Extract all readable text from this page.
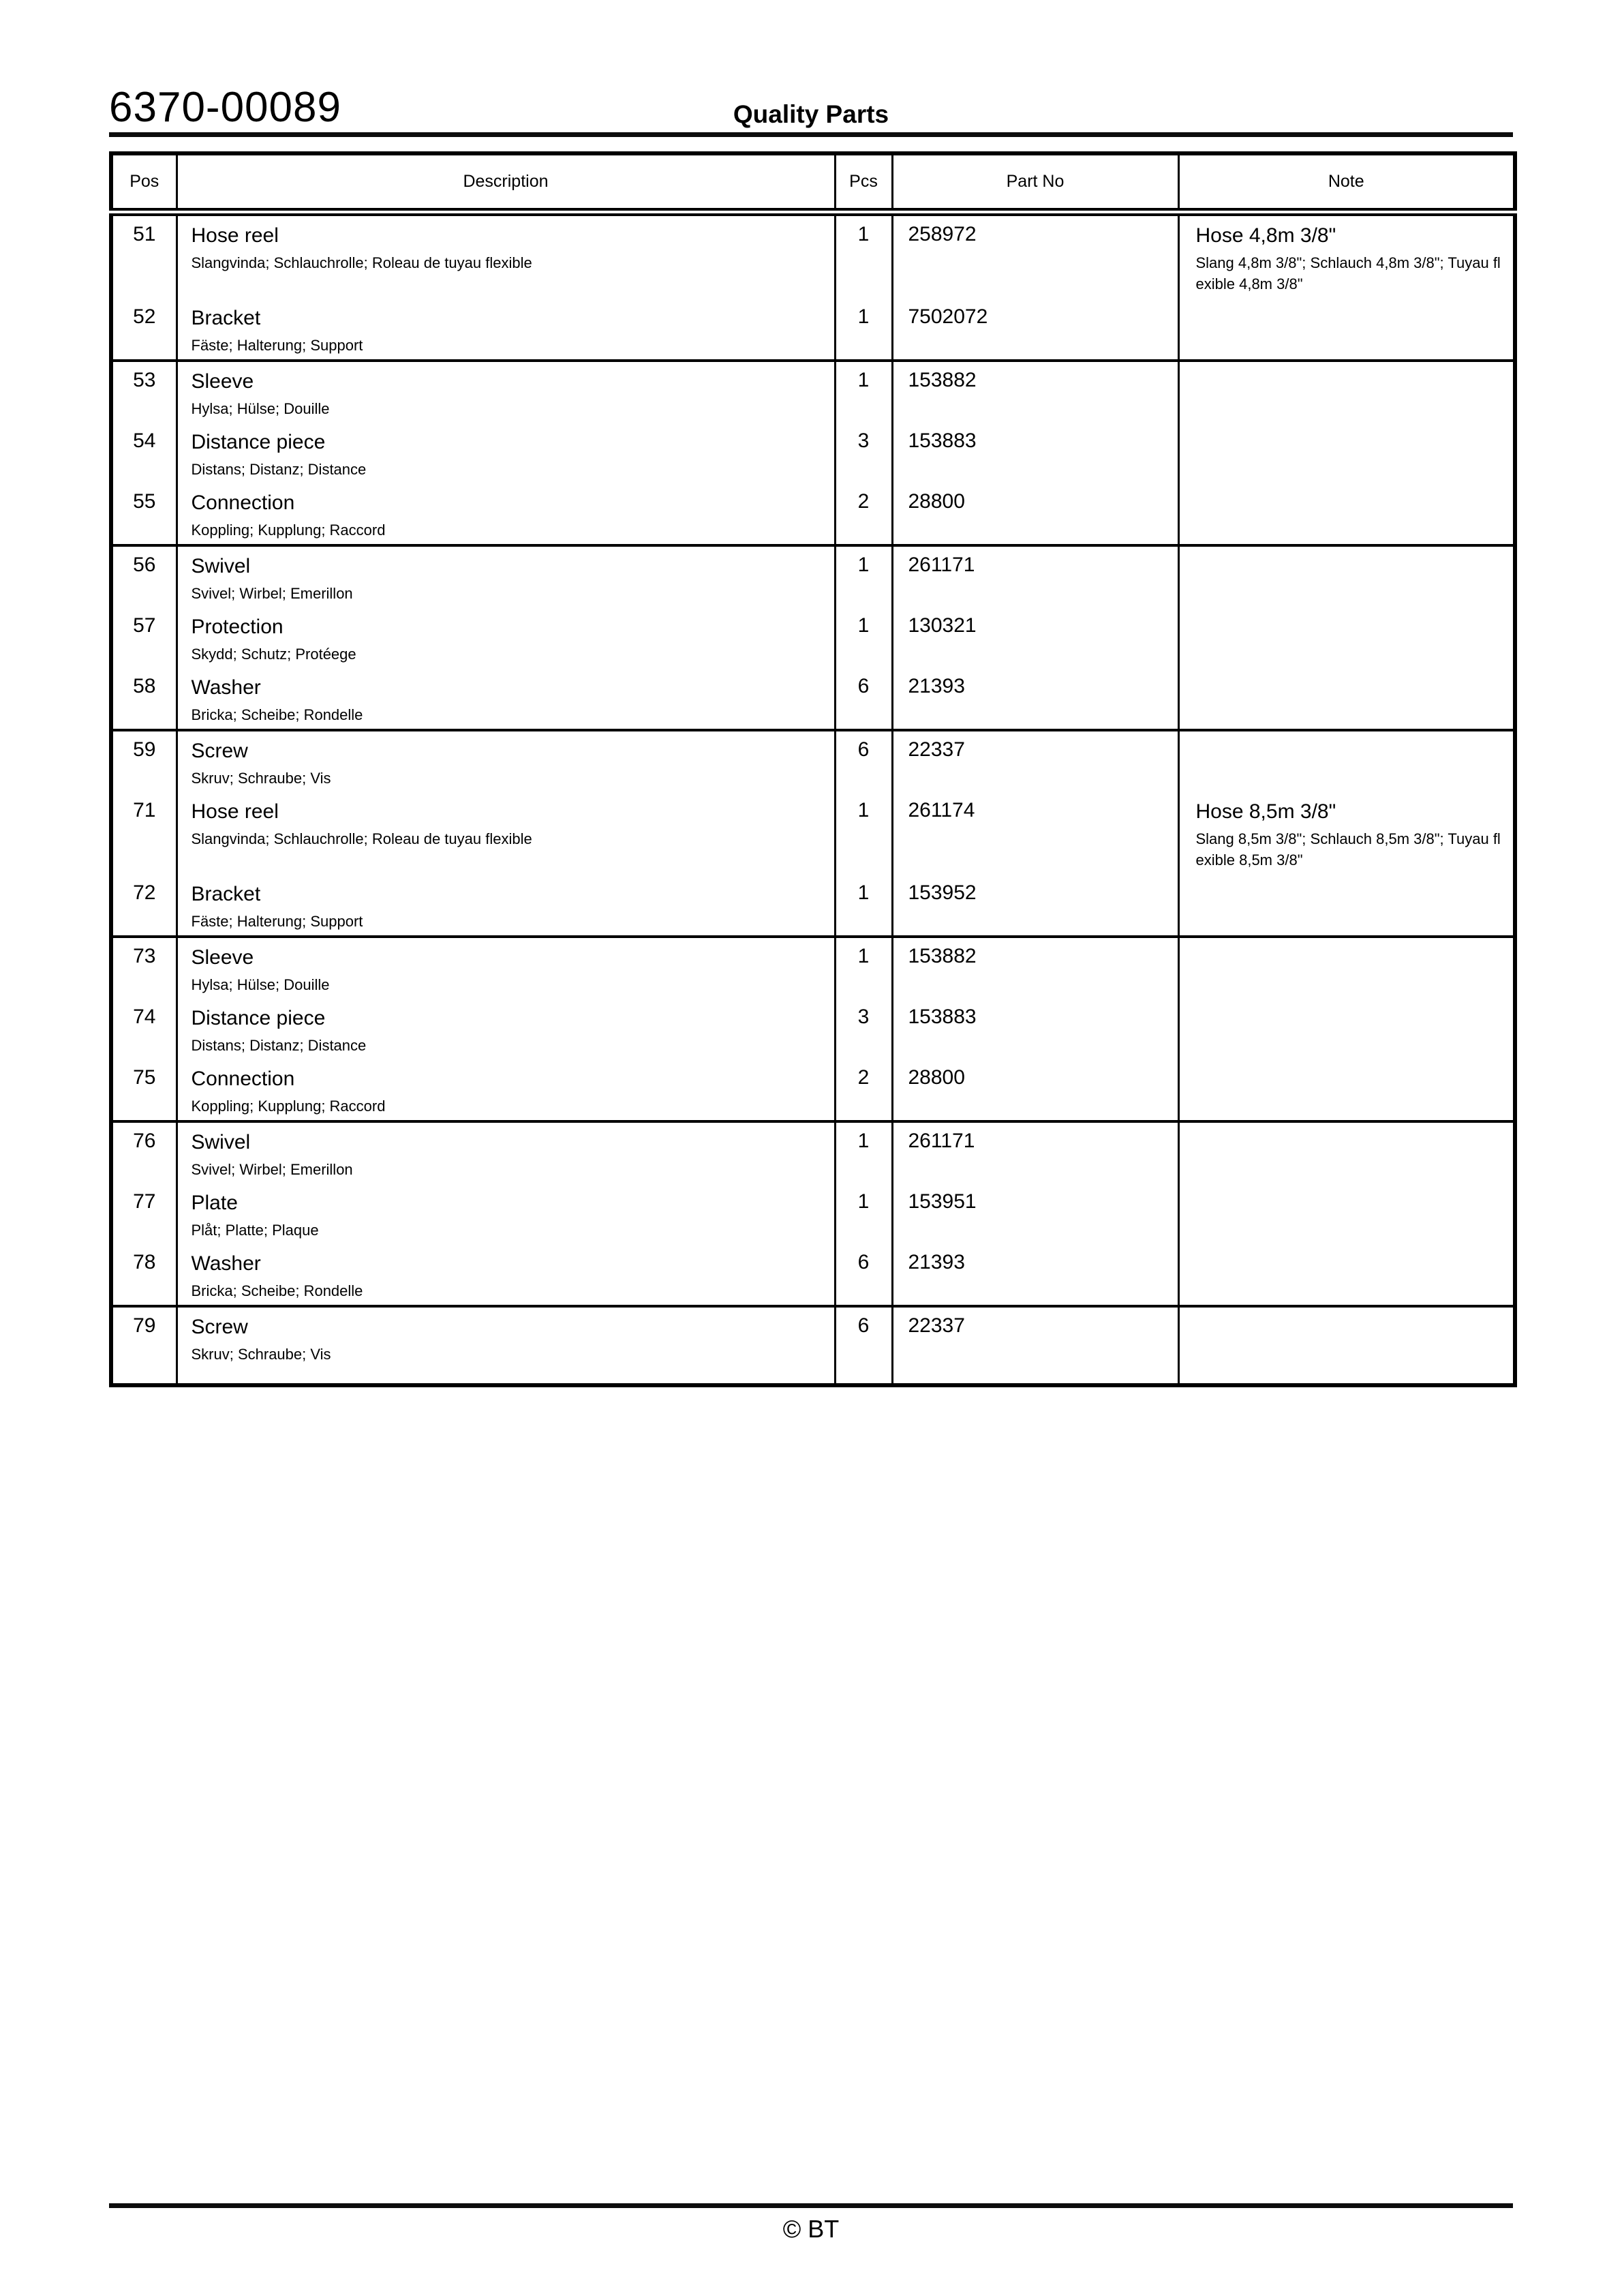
6370-00089	Quality Parts
Pos	Description	Pcs	Part No	Note
51	Hose reel
Slangvinda; Schlauchrolle; Roleau de tuyau flexible
	1	258972	Hose 4,8m 3/8"
Slang 4,8m 3/8"; Schlauch 4,8m 3/8"; Tuyau flexible 4,8m 3/8"

52	Bracket
Fäste; Halterung; Support	1	7502072	
53	Sleeve
Hylsa; Hülse; Douille	1	153882	
54	Distance piece
Distans; Distanz; Distance	3	153883	
55	Connection
Koppling; Kupplung; Raccord	2	28800	
56	Swivel
Svivel; Wirbel; Emerillon	1	261171	
57	Protection
Skydd; Schutz; Protéege	1	130321	
58	Washer
Bricka; Scheibe; Rondelle	6	21393	
59	Screw
Skruv; Schraube; Vis	6	22337	
71	Hose reel
Slangvinda; Schlauchrolle; Roleau de tuyau flexible
	1	261174	Hose 8,5m 3/8"
Slang 8,5m 3/8"; Schlauch 8,5m 3/8"; Tuyau flexible 8,5m 3/8"

72	Bracket
Fäste; Halterung; Support	1	153952	
73	Sleeve
Hylsa; Hülse; Douille	1	153882	
74	Distance piece
Distans; Distanz; Distance	3	153883	
75	Connection
Koppling; Kupplung; Raccord	2	28800	
76	Swivel
Svivel; Wirbel; Emerillon	1	261171	
77	Plate
Plåt; Platte; Plaque	1	153951	
78	Washer
Bricka; Scheibe; Rondelle	6	21393	
79	Screw
Skruv; Schraube; Vis	6	22337	
© BT
